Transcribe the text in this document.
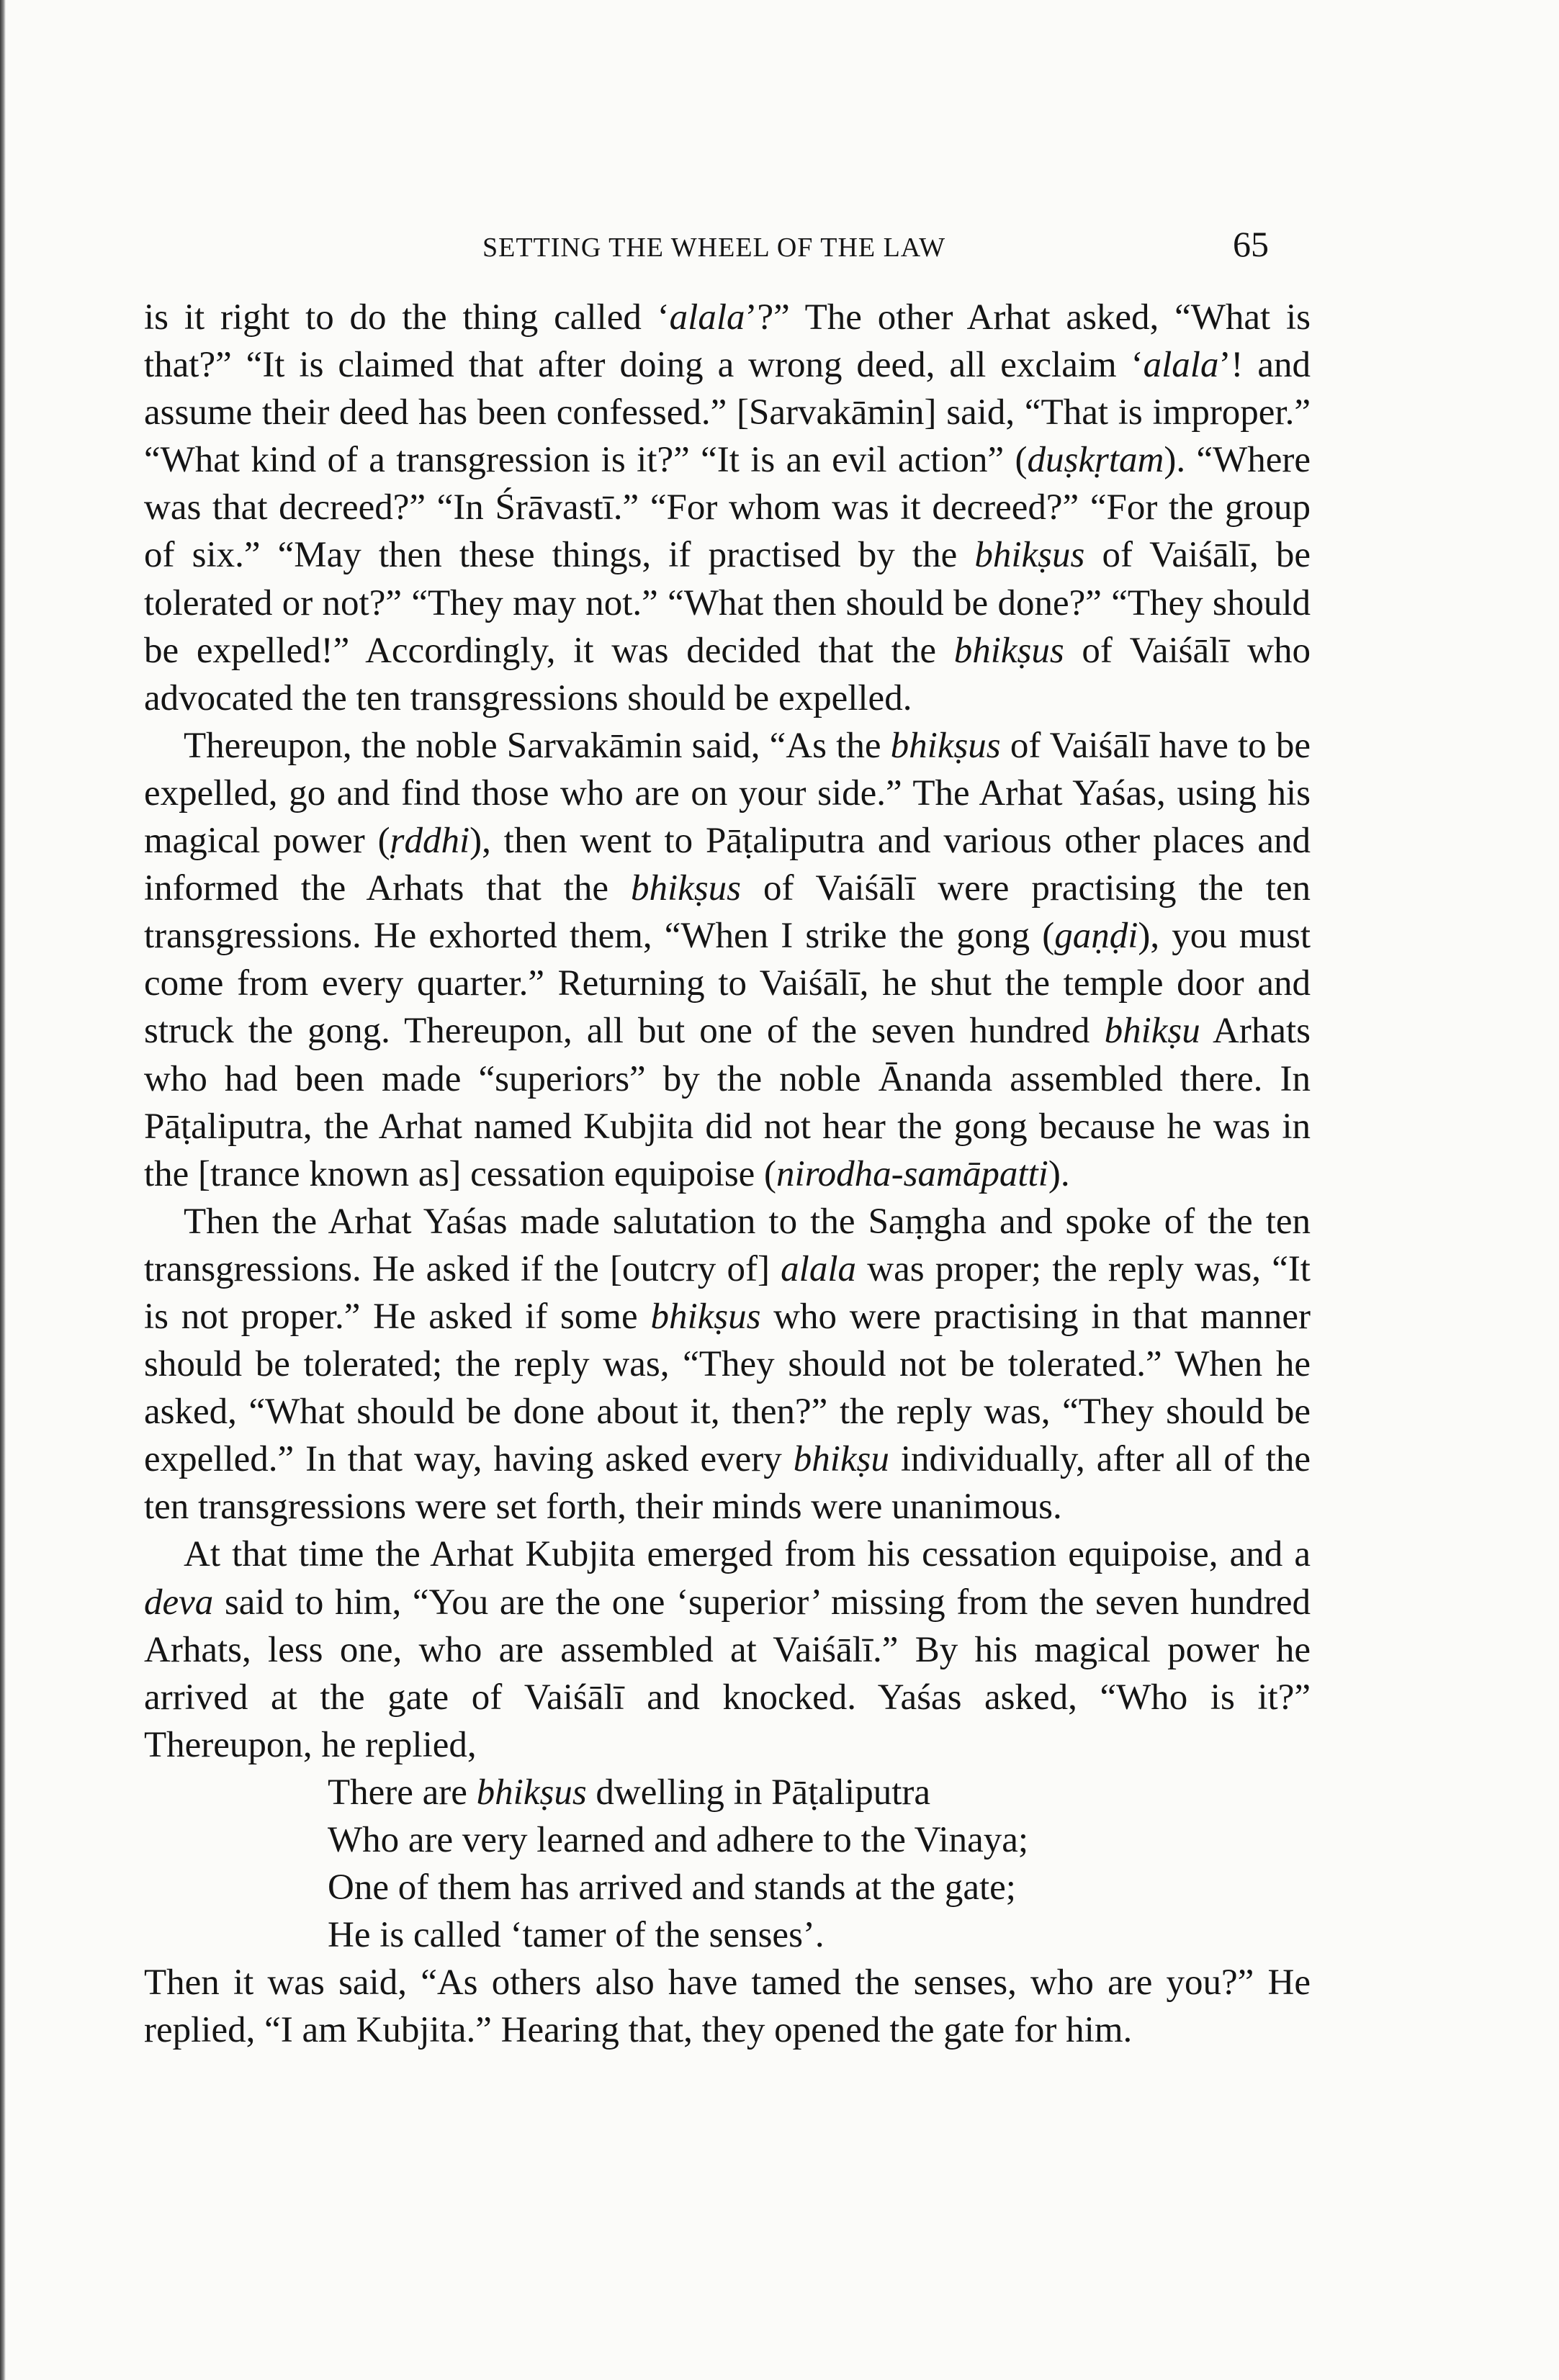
SETTING THE WHEEL OF THE LAW	65

is it right to do the thing called ‘alala’?” The other Arhat asked, “What is that?” “It is claimed that after doing a wrong deed, all exclaim ‘alala’! and assume their deed has been confessed.” [Sarvakāmin] said, “That is improper.” “What kind of a transgression is it?” “It is an evil action” (duṣkṛtam). “Where was that decreed?” “In Śrāvastī.” “For whom was it decreed?” “For the group of six.” “May then these things, if practised by the bhikṣus of Vaiśālī, be tolerated or not?” “They may not.” “What then should be done?” “They should be expelled!” Accordingly, it was decided that the bhikṣus of Vaiśālī who advocated the ten transgressions should be expelled.

Thereupon, the noble Sarvakāmin said, “As the bhikṣus of Vaiśālī have to be expelled, go and find those who are on your side.” The Arhat Yaśas, using his magical power (ṛddhi), then went to Pāṭaliputra and various other places and informed the Arhats that the bhikṣus of Vaiśālī were practising the ten transgressions. He exhorted them, “When I strike the gong (gaṇḍi), you must come from every quarter.” Returning to Vaiśālī, he shut the temple door and struck the gong. Thereupon, all but one of the seven hundred bhikṣu Arhats who had been made “superiors” by the noble Ānanda assembled there. In Pāṭaliputra, the Arhat named Kubjita did not hear the gong because he was in the [trance known as] cessation equipoise (nirodha-samāpatti).

Then the Arhat Yaśas made salutation to the Saṃgha and spoke of the ten transgressions. He asked if the [outcry of] alala was proper; the reply was, “It is not proper.” He asked if some bhikṣus who were practising in that manner should be tolerated; the reply was, “They should not be tolerated.” When he asked, “What should be done about it, then?” the reply was, “They should be expelled.” In that way, having asked every bhikṣu individually, after all of the ten transgressions were set forth, their minds were unanimous.

At that time the Arhat Kubjita emerged from his cessation equipoise, and a deva said to him, “You are the one ‘superior’ missing from the seven hundred Arhats, less one, who are assembled at Vaiśālī.” By his magical power he arrived at the gate of Vaiśālī and knocked. Yaśas asked, “Who is it?” Thereupon, he replied,

There are bhikṣus dwelling in Pāṭaliputra
Who are very learned and adhere to the Vinaya;
One of them has arrived and stands at the gate;
He is called ‘tamer of the senses’.

Then it was said, “As others also have tamed the senses, who are you?” He replied, “I am Kubjita.” Hearing that, they opened the gate for him.
